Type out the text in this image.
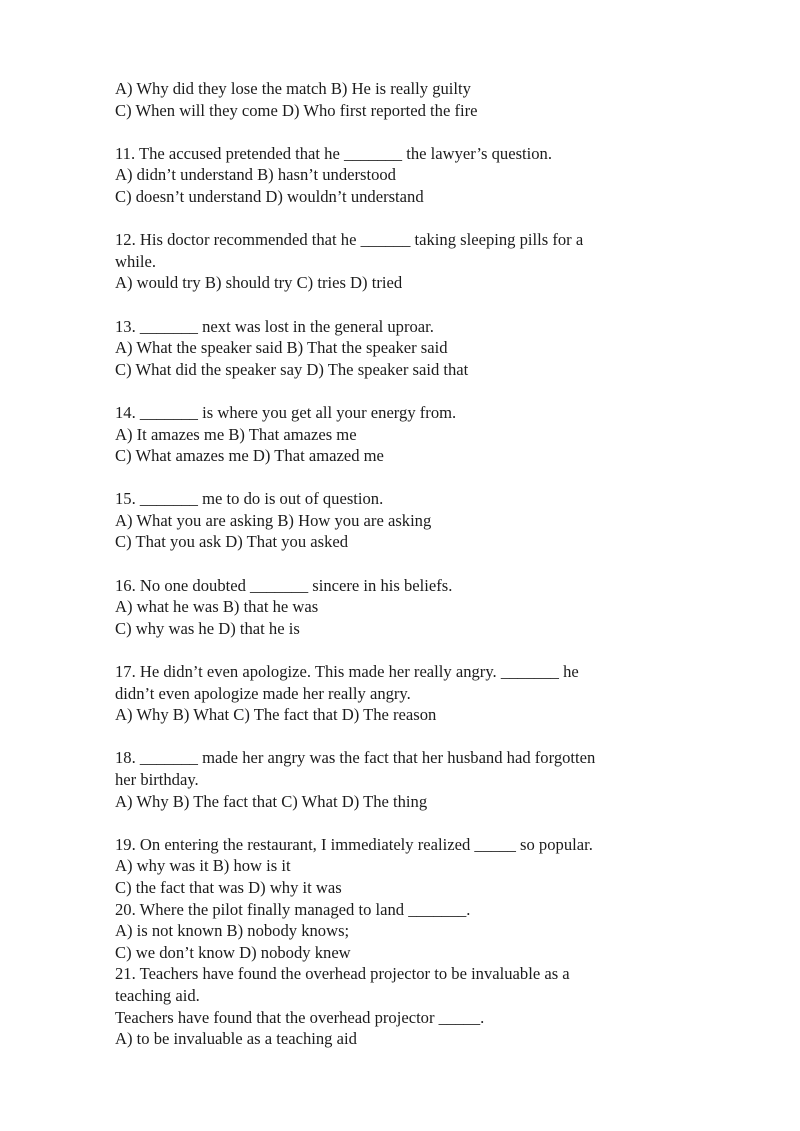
A) Why did they lose the match B) He is really guilty
C) When will they come D) Who first reported the fire
11. The accused pretended that he _______ the lawyer’s question.
A) didn’t understand B) hasn’t understood
C) doesn’t understand D) wouldn’t understand
12. His doctor recommended that he ______ taking sleeping pills for a
while.
A) would try B) should try C) tries D) tried
13. _______ next was lost in the general uproar.
A) What the speaker said B) That the speaker said
C) What did the speaker say D) The speaker said that
14. _______ is where you get all your energy from.
A) It amazes me B) That amazes me
C) What amazes me D) That amazed me
15. _______ me to do is out of question.
A) What you are asking B) How you are asking
C) That you ask D) That you asked
16. No one doubted _______ sincere in his beliefs.
A) what he was B) that he was
C) why was he D) that he is
17. He didn’t even apologize. This made her really angry. _______ he
didn’t even apologize made her really angry.
A) Why B) What C) The fact that D) The reason
18. _______ made her angry was the fact that her husband had forgotten
her birthday.
A) Why B) The fact that C) What D) The thing
19. On entering the restaurant, I immediately realized _____ so popular.
A) why was it B) how is it
C) the fact that was D) why it was
20. Where the pilot finally managed to land _______.
A) is not known B) nobody knows;
C) we don’t know D) nobody knew
21. Teachers have found the overhead projector to be invaluable as a
teaching aid.
Teachers have found that the overhead projector _____.
A) to be invaluable as a teaching aid
